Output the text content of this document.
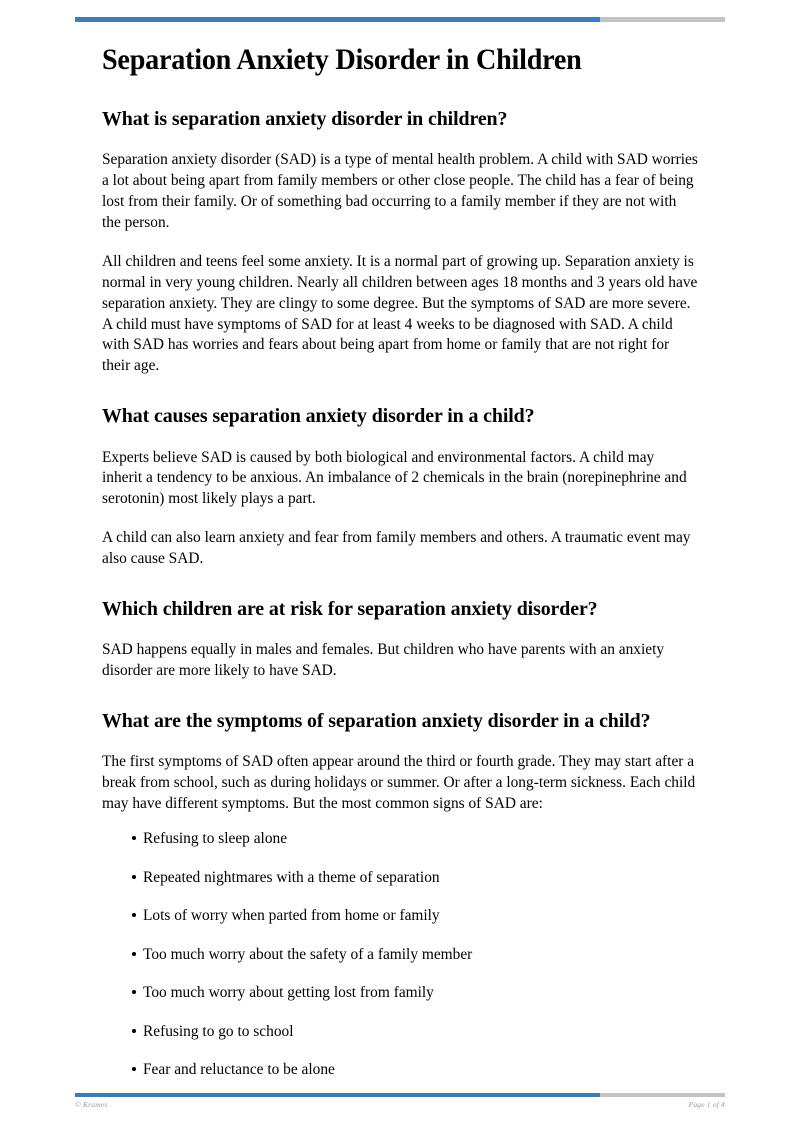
Separation Anxiety Disorder in Children
What is separation anxiety disorder in children?

Separation anxiety disorder (SAD) is a type of mental health problem. A child with SAD worries a lot about being apart from family members or other close people. The child has a fear of being lost from their family. Or of something bad occurring to a family member if they are not with the person.

All children and teens feel some anxiety. It is a normal part of growing up. Separation anxiety is normal in very young children. Nearly all children between ages 18 months and 3 years old have separation anxiety. They are clingy to some degree. But the symptoms of SAD are more severe. A child must have symptoms of SAD for at least 4 weeks to be diagnosed with SAD. A child with SAD has worries and fears about being apart from home or family that are not right for their age.

What causes separation anxiety disorder in a child?

Experts believe SAD is caused by both biological and environmental factors. A child may inherit a tendency to be anxious. An imbalance of 2 chemicals in the brain (norepinephrine and serotonin) most likely plays a part.

A child can also learn anxiety and fear from family members and others. A traumatic event may also cause SAD.

Which children are at risk for separation anxiety disorder?

SAD happens equally in males and females. But children who have parents with an anxiety disorder are more likely to have SAD.

What are the symptoms of separation anxiety disorder in a child?

The first symptoms of SAD often appear around the third or fourth grade. They may start after a break from school, such as during holidays or summer. Or after a long-term sickness. Each child may have different symptoms. But the most common signs of SAD are:

Refusing to sleep alone
Repeated nightmares with a theme of separation
Lots of worry when parted from home or family
Too much worry about the safety of a family member
Too much worry about getting lost from family
Refusing to go to school
Fear and reluctance to be alone
© Krames	Page 1 of 4
